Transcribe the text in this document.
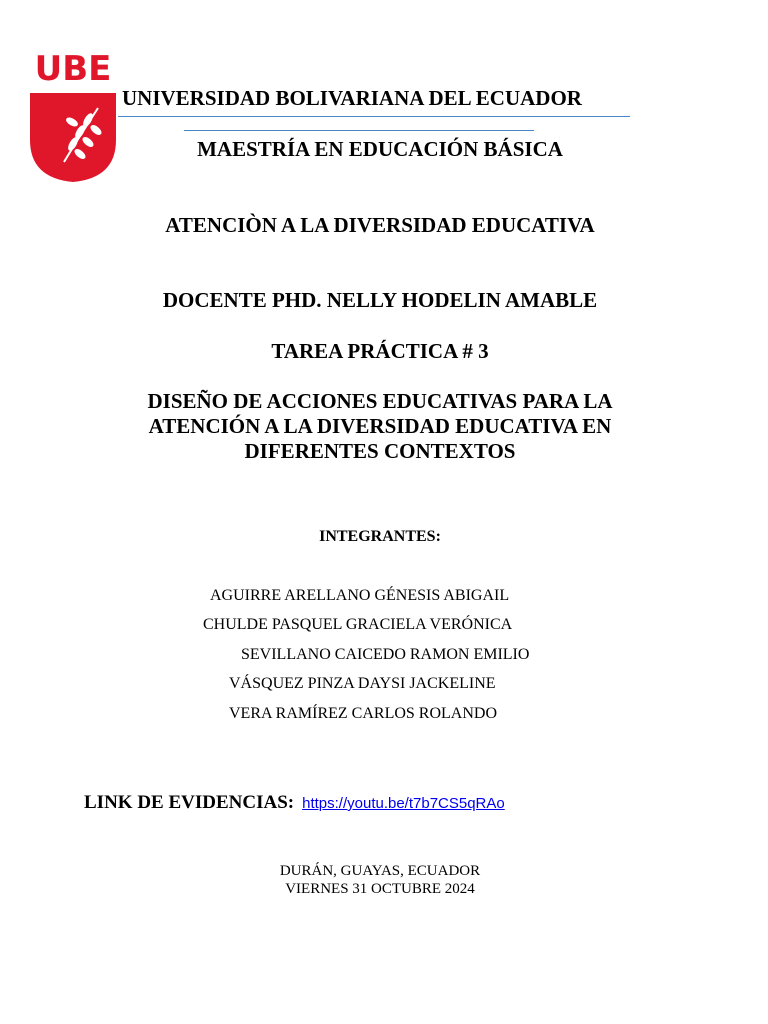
UBE
UNIVERSIDAD BOLIVARIANA DEL ECUADOR
MAESTRÍA EN EDUCACIÓN BÁSICA
ATENCIÒN A LA DIVERSIDAD EDUCATIVA
DOCENTE PHD. NELLY HODELIN AMABLE
TAREA PRÁCTICA # 3
DISEÑO DE ACCIONES EDUCATIVAS PARA LA
ATENCIÓN A LA DIVERSIDAD EDUCATIVA EN
DIFERENTES CONTEXTOS
INTEGRANTES:
AGUIRRE ARELLANO GÉNESIS ABIGAIL
CHULDE PASQUEL GRACIELA VERÓNICA
SEVILLANO CAICEDO RAMON EMILIO
VÁSQUEZ PINZA DAYSI JACKELINE
VERA RAMÍREZ CARLOS ROLANDO
LINK DE EVIDENCIAS: https://youtu.be/t7b7CS5qRAo
DURÁN, GUAYAS, ECUADOR
VIERNES 31 OCTUBRE 2024
